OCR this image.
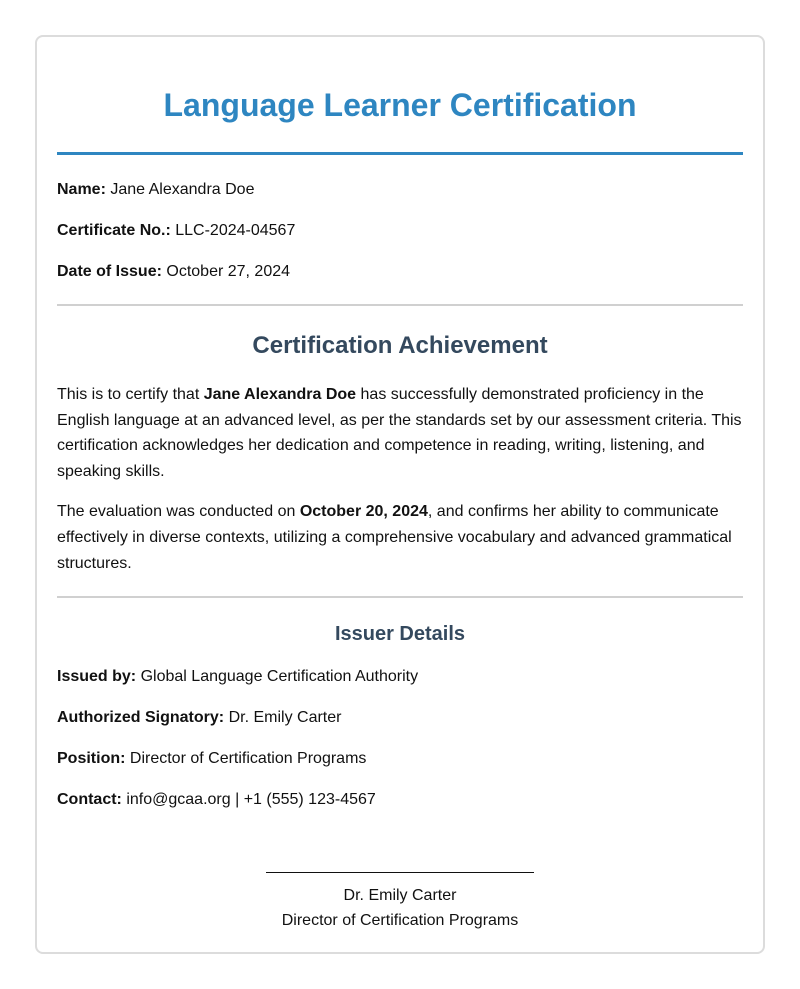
Language Learner Certification

Name: Jane Alexandra Doe

Certificate No.: LLC-2024-04567

Date of Issue: October 27, 2024

Certification Achievement

This is to certify that Jane Alexandra Doe has successfully demonstrated proficiency in the English language at an advanced level, as per the standards set by our assessment criteria. This certification acknowledges her dedication and competence in reading, writing, listening, and speaking skills.

The evaluation was conducted on October 20, 2024, and confirms her ability to communicate effectively in diverse contexts, utilizing a comprehensive vocabulary and advanced grammatical structures.

Issuer Details

Issued by: Global Language Certification Authority

Authorized Signatory: Dr. Emily Carter

Position: Director of Certification Programs

Contact: info@gcaa.org | +1 (555) 123-4567

Dr. Emily Carter

Director of Certification Programs
